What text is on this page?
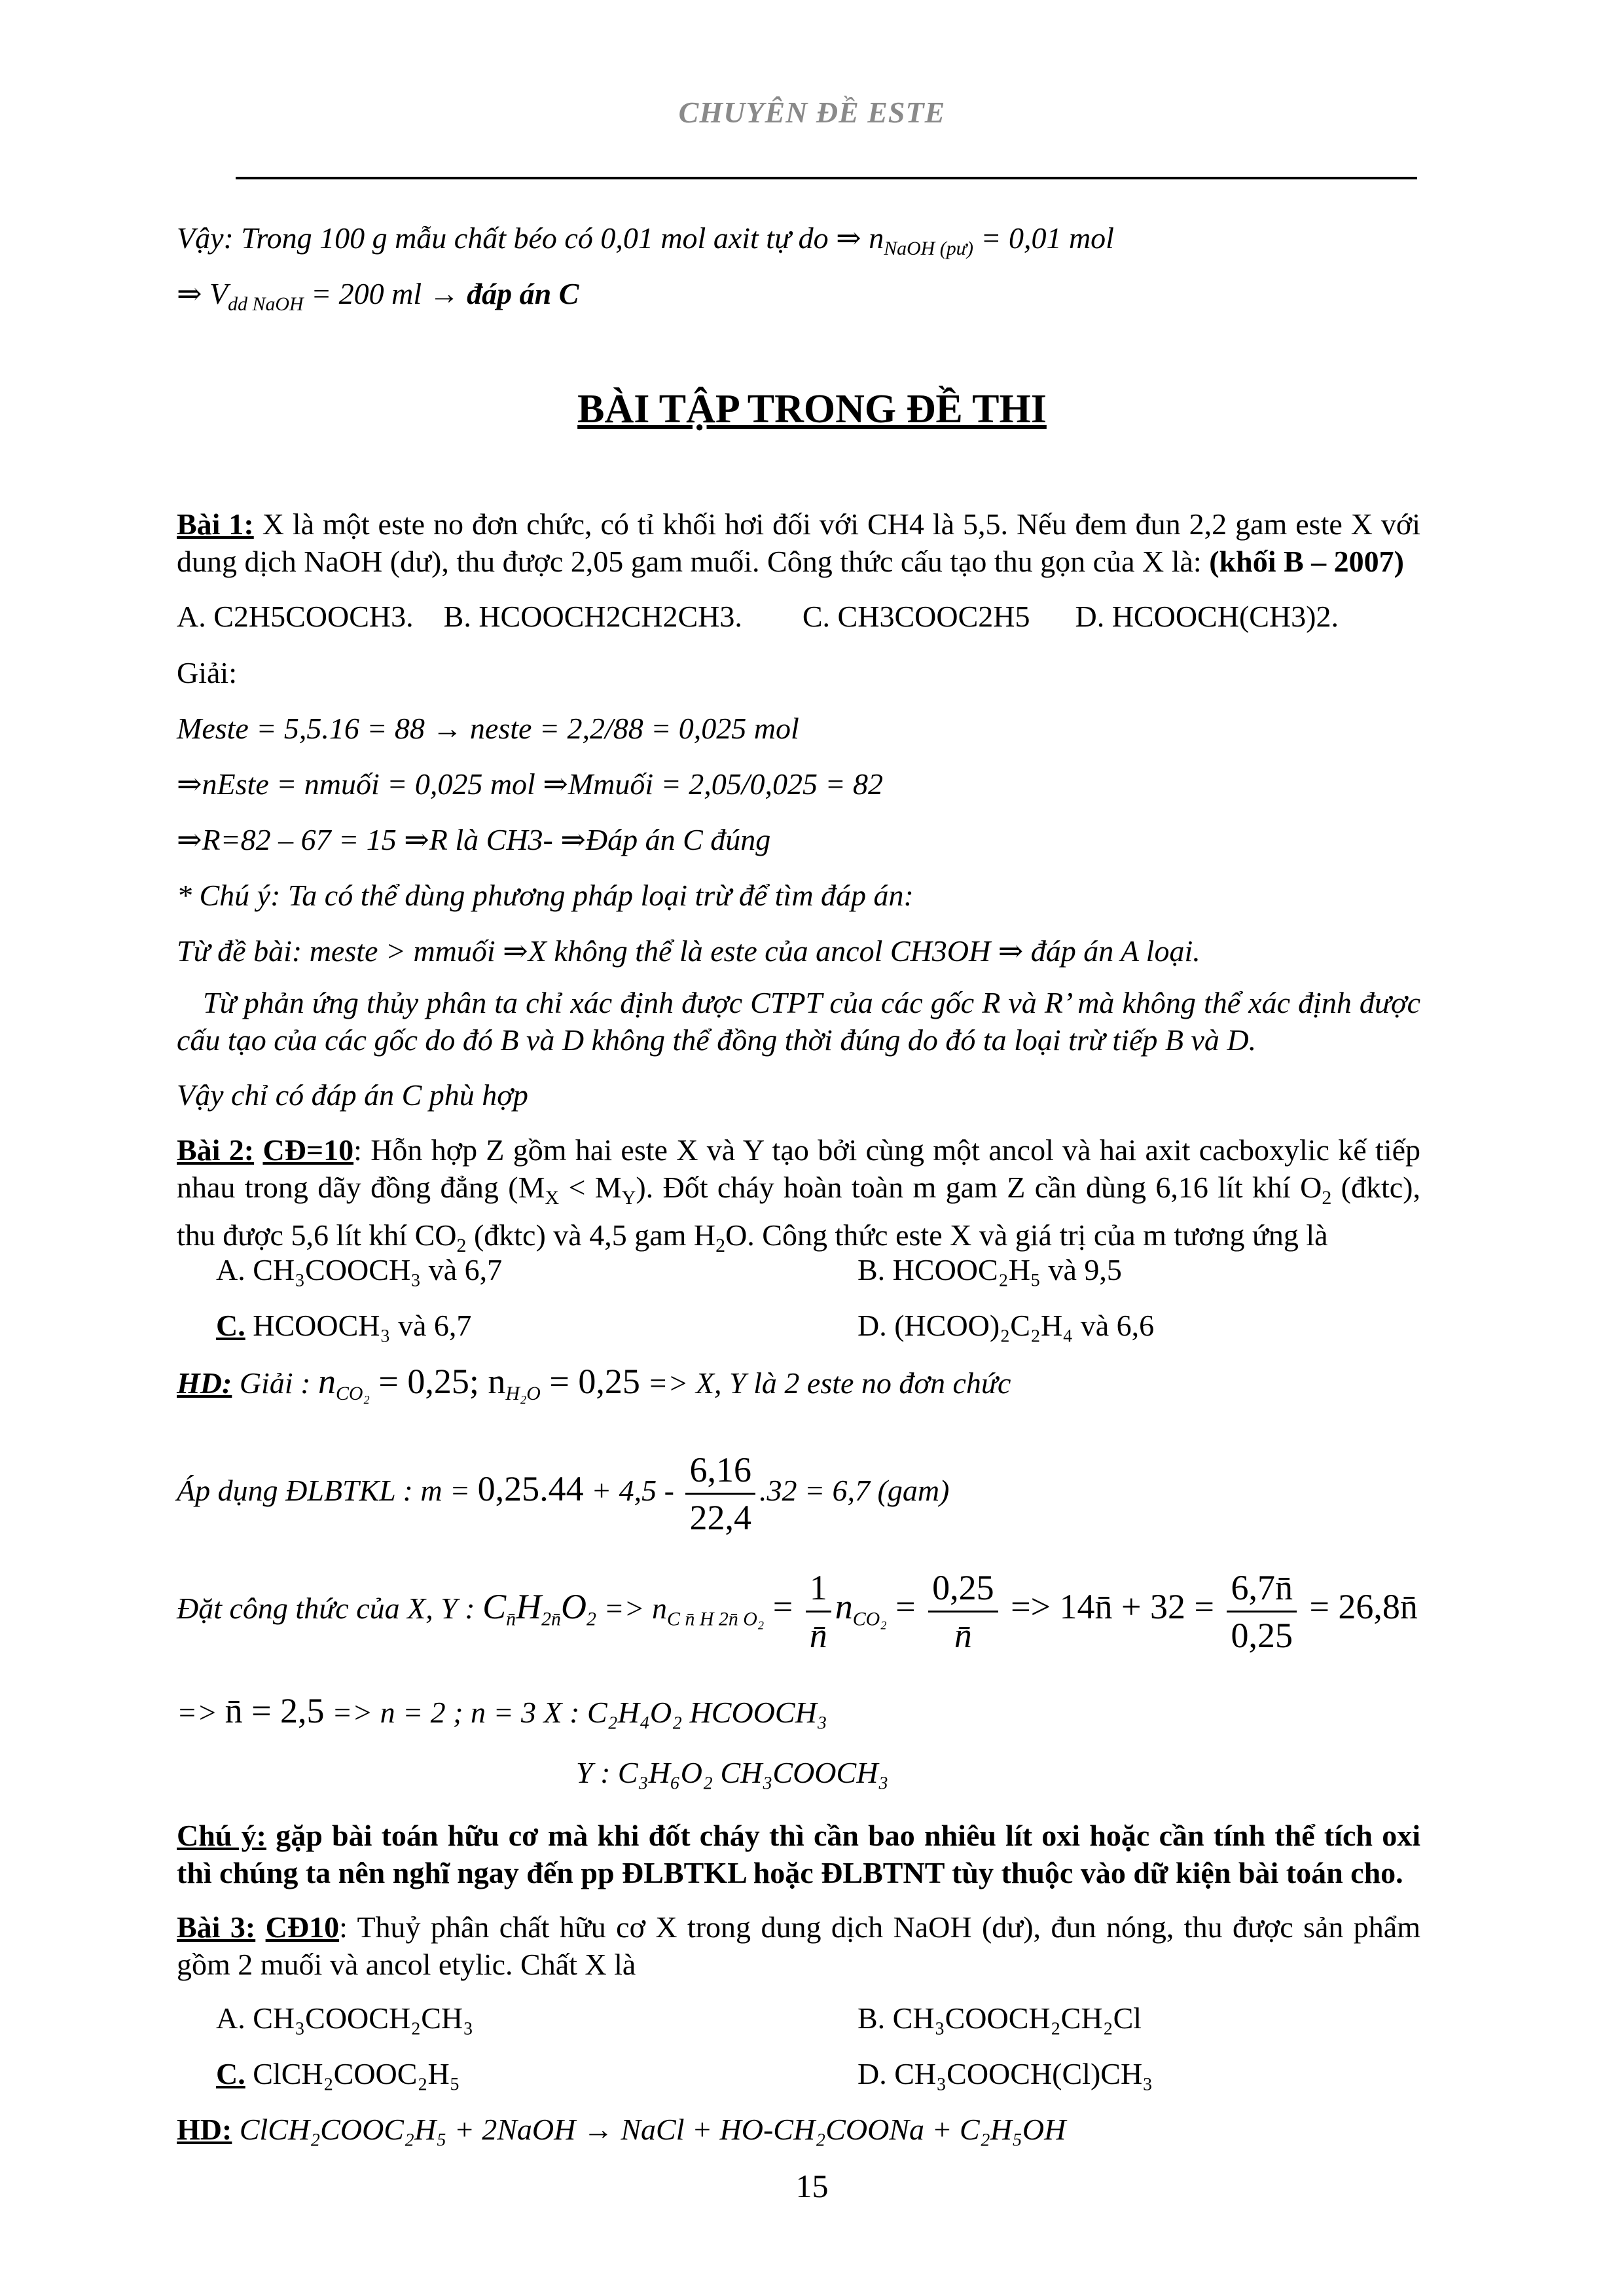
CHUYÊN ĐỀ ESTE
Vậy: Trong 100 g mẫu chất béo có 0,01 mol axit tự do ⇒ $n_{NaOH (pư)} = 0,01$ mol
⇒ $V_{dd NaOH} = 200$ ml → đáp án C
BÀI TẬP TRONG ĐỀ THI
Bài 1: X là một este no đơn chức, có tỉ khối hơi đối với CH4 là 5,5. Nếu đem đun 2,2 gam este X với dung dịch NaOH (dư), thu được 2,05 gam muối. Công thức cấu tạo thu gọn của X là: (khối B – 2007)
A. C2H5COOCH3.    B. HCOOCH2CH2CH3.        C. CH3COOC2H5      D. HCOOCH(CH3)2.
Giải:
Meste = 5,5.16 = 88 → neste = 2,2/88 = 0,025 mol
⇒nEste = nmuối = 0,025 mol ⇒Mmuối = 2,05/0,025 = 82
⇒R=82 – 67 = 15 ⇒R là CH3- ⇒Đáp án C đúng
* Chú ý: Ta có thể dùng phương pháp loại trừ để tìm đáp án:
Từ đề bài: meste > mmuối ⇒X không thể là este của ancol CH3OH ⇒ đáp án A loại.
Từ phản ứng thủy phân ta chỉ xác định được CTPT của các gốc R và R’ mà không thể xác định được cấu tạo của các gốc do đó B và D không thể đồng thời đúng do đó ta loại trừ tiếp B và D.
Vậy chỉ có đáp án C phù hợp
Bài 2: CĐ=10: Hỗn hợp Z gồm hai este X và Y tạo bởi cùng một ancol và hai axit cacboxylic kế tiếp nhau trong dãy đồng đẳng $(M_X < M_Y)$. Đốt cháy hoàn toàn m gam Z cần dùng 6,16 lít khí $O_2$ (đktc), thu được 5,6 lít khí $CO_2$ (đktc) và 4,5 gam $H_2O$. Công thức este X và giá trị của m tương ứng là
A. CH₃COOCH₃ và 6,7	B. HCOOC₂H₅ và 9,5
C. HCOOCH₃ và 6,7	D. (HCOO)₂C₂H₄ và 6,6
HD: Giải : $n_{CO_2} = 0,25$; $n_{H_2O} = 0,25 => X$, Y là 2 este no đơn chức
Áp dụng ĐLBTKL : $m = 0,25.44 + 4,5 - \frac{6,16}{22,4} .32 = 6,7$ (gam)
Đặt công thức của X, Y : $C_{n̄}H_{2n̄}O_2 => n_{C n̄ H 2n̄ O_2} = \frac{1}{n̄} n_{CO_2} = \frac{0,25}{n̄}$ => 14n̄ + $32 = \frac{6,7n̄}{0,25}$ = 26,8n̄
=> n̄ = 2,5 => n = 2 ; n = 3 X : C₂H₄O₂ HCOOCH₃
Y : C₃H₆O₂ CH₃COOCH₃
Chú ý: gặp bài toán hữu cơ mà khi đốt cháy thì cần bao nhiêu lít oxi hoặc cần tính thể tích oxi thì chúng ta nên nghĩ ngay đến pp ĐLBTKL hoặc ĐLBTNT tùy thuộc vào dữ kiện bài toán cho.
Bài 3: CĐ10: Thuỷ phân chất hữu cơ X trong dung dịch NaOH (dư), đun nóng, thu được sản phẩm gồm 2 muối và ancol etylic. Chất X là
A. CH₃COOCH₂CH₃	B. CH₃COOCH₂CH₂Cl
C. ClCH₂COOC₂H₅	D. CH₃COOCH(Cl)CH₃
HD: ClCH₂COOC₂H₅ + 2NaOH → NaCl + HO-CH₂COONa + C₂H₅OH
15
